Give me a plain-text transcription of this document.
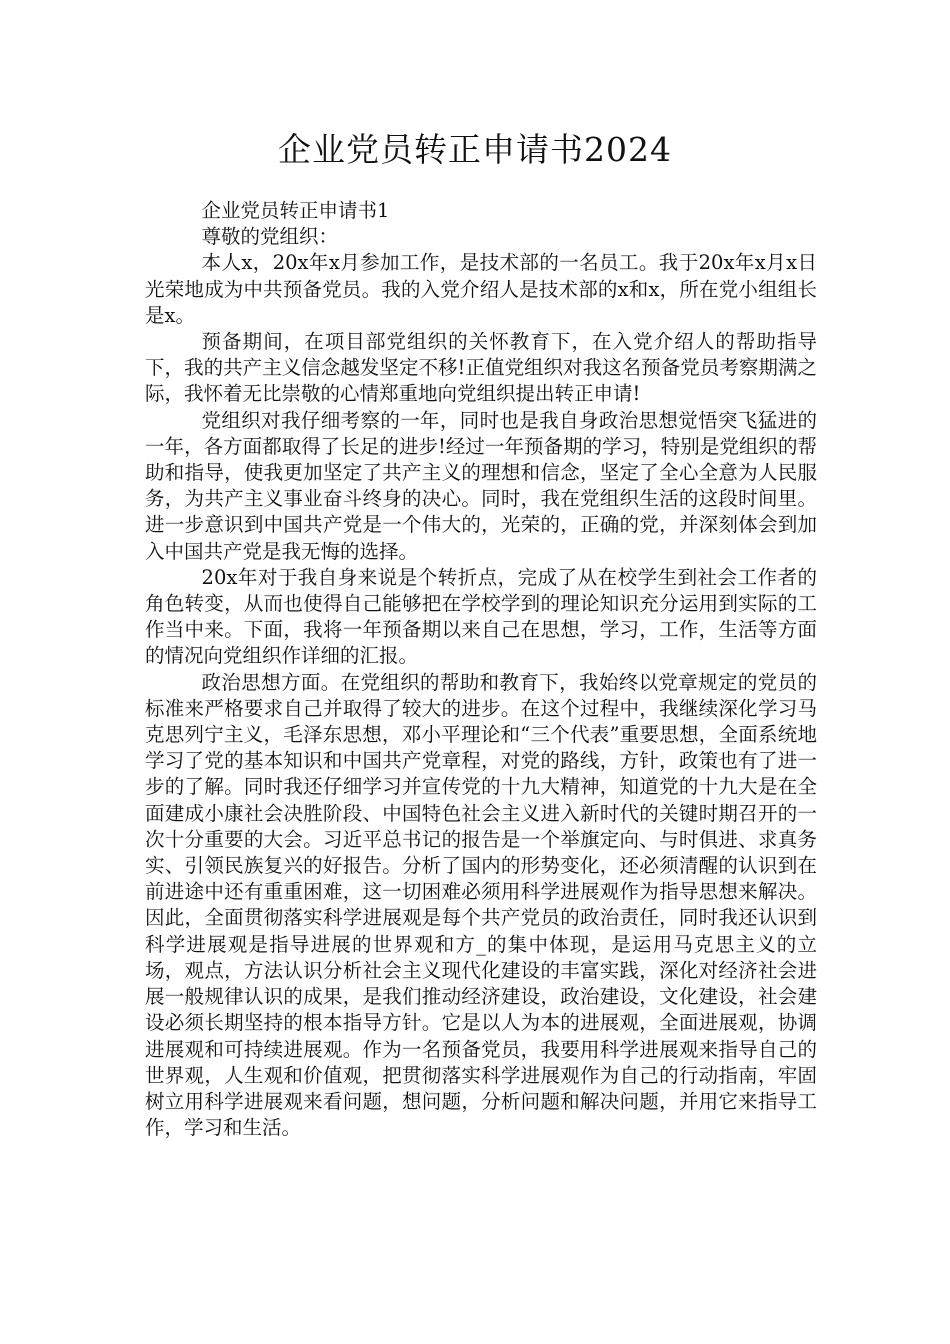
企业党员转正申请书2024

企业党员转正申请书1

尊敬的党组织：

本人x，20x年x月参加工作，是技术部的一名员工。我于20x年x月x日光荣地成为中共预备党员。我的入党介绍人是技术部的x和x，所在党小组组长是x。

预备期间，在项目部党组织的关怀教育下，在入党介绍人的帮助指导下，我的共产主义信念越发坚定不移!正值党组织对我这名预备党员考察期满之际，我怀着无比崇敬的心情郑重地向党组织提出转正申请!

党组织对我仔细考察的一年，同时也是我自身政治思想觉悟突飞猛进的一年，各方面都取得了长足的进步!经过一年预备期的学习，特别是党组织的帮助和指导，使我更加坚定了共产主义的理想和信念，坚定了全心全意为人民服务，为共产主义事业奋斗终身的决心。同时，我在党组织生活的这段时间里。进一步意识到中国共产党是一个伟大的，光荣的，正确的党，并深刻体会到加入中国共产党是我无悔的选择。

20x年对于我自身来说是个转折点，完成了从在校学生到社会工作者的角色转变，从而也使得自己能够把在学校学到的理论知识充分运用到实际的工作当中来。下面，我将一年预备期以来自己在思想，学习，工作，生活等方面的情况向党组织作详细的汇报。

政治思想方面。在党组织的帮助和教育下，我始终以党章规定的党员的标准来严格要求自己并取得了较大的进步。在这个过程中，我继续深化学习马克思列宁主义，毛泽东思想，邓小平理论和“三个代表”重要思想，全面系统地学习了党的基本知识和中国共产党章程，对党的路线，方针，政策也有了进一步的了解。同时我还仔细学习并宣传党的十九大精神，知道党的十九大是在全面建成小康社会决胜阶段、中国特色社会主义进入新时代的关键时期召开的一次十分重要的大会。习近平总书记的报告是一个举旗定向、与时俱进、求真务实、引领民族复兴的好报告。分析了国内的形势变化，还必须清醒的认识到在前进途中还有重重困难，这一切困难必须用科学进展观作为指导思想来解决。因此，全面贯彻落实科学进展观是每个共产党员的政治责任，同时我还认识到科学进展观是指导进展的世界观和方_的集中体现，是运用马克思主义的立场，观点，方法认识分析社会主义现代化建设的丰富实践，深化对经济社会进展一般规律认识的成果，是我们推动经济建设，政治建设，文化建设，社会建设必须长期坚持的根本指导方针。它是以人为本的进展观，全面进展观，协调进展观和可持续进展观。作为一名预备党员，我要用科学进展观来指导自己的世界观，人生观和价值观，把贯彻落实科学进展观作为自己的行动指南，牢固树立用科学进展观来看问题，想问题，分析问题和解决问题，并用它来指导工作，学习和生活。
